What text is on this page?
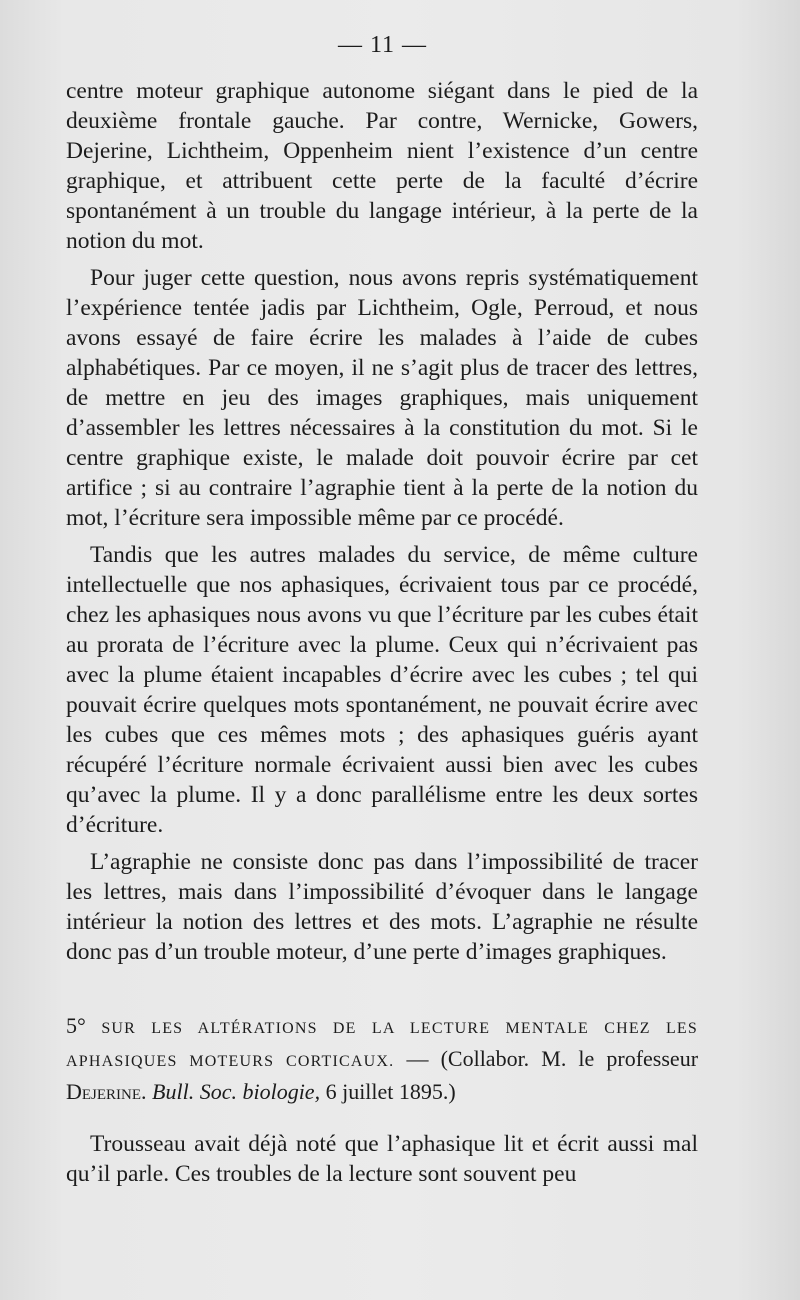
— 11 —

centre moteur graphique autonome siégant dans le pied de la deuxième frontale gauche. Par contre, Wernicke, Gowers, Dejerine, Lichtheim, Oppenheim nient l’existence d’un centre graphique, et attribuent cette perte de la faculté d’écrire spontanément à un trouble du langage intérieur, à la perte de la notion du mot.

Pour juger cette question, nous avons repris systématiquement l’expérience tentée jadis par Lichtheim, Ogle, Perroud, et nous avons essayé de faire écrire les malades à l’aide de cubes alphabétiques. Par ce moyen, il ne s’agit plus de tracer des lettres, de mettre en jeu des images graphiques, mais uniquement d’assembler les lettres nécessaires à la constitution du mot. Si le centre graphique existe, le malade doit pouvoir écrire par cet artifice ; si au contraire l’agraphie tient à la perte de la notion du mot, l’écriture sera impossible même par ce procédé.

Tandis que les autres malades du service, de même culture intellectuelle que nos aphasiques, écrivaient tous par ce procédé, chez les aphasiques nous avons vu que l’écriture par les cubes était au prorata de l’écriture avec la plume. Ceux qui n’écrivaient pas avec la plume étaient incapables d’écrire avec les cubes ; tel qui pouvait écrire quelques mots spontanément, ne pouvait écrire avec les cubes que ces mêmes mots ; des aphasiques guéris ayant récupéré l’écriture normale écrivaient aussi bien avec les cubes qu’avec la plume. Il y a donc parallélisme entre les deux sortes d’écriture.

L’agraphie ne consiste donc pas dans l’impossibilité de tracer les lettres, mais dans l’impossibilité d’évoquer dans le langage intérieur la notion des lettres et des mots. L’agraphie ne résulte donc pas d’un trouble moteur, d’une perte d’images graphiques.

5° SUR LES ALTÉRATIONS DE LA LECTURE MENTALE CHEZ LES APHASIQUES MOTEURS CORTICAUX. — (Collabor. M. le professeur Dejerine. Bull. Soc. biologie, 6 juillet 1895.)

Trousseau avait déjà noté que l’aphasique lit et écrit aussi mal qu’il parle. Ces troubles de la lecture sont souvent peu
